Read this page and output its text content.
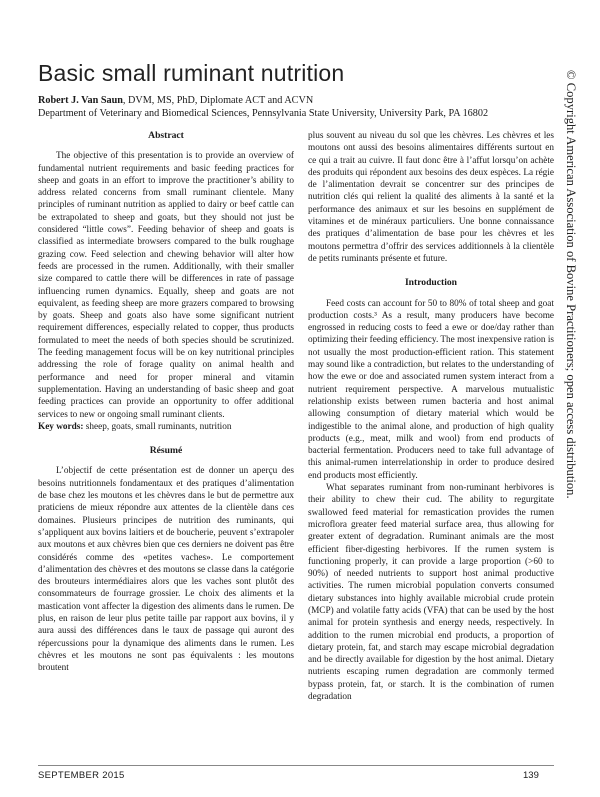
Basic small ruminant nutrition
Robert J. Van Saun, DVM, MS, PhD, Diplomate ACT and ACVN
Department of Veterinary and Biomedical Sciences, Pennsylvania State University, University Park, PA 16802
Abstract

The objective of this presentation is to provide an overview of fundamental nutrient requirements and basic feeding practices for sheep and goats in an effort to improve the practitioner’s ability to address related concerns from small ruminant clientele. Many principles of ruminant nutrition as applied to dairy or beef cattle can be extrapolated to sheep and goats, but they should not just be considered “little cows”. Feeding behavior of sheep and goats is classified as intermediate browsers compared to the bulk roughage grazing cow. Feed selection and chewing behavior will alter how feeds are processed in the rumen. Additionally, with their smaller size compared to cattle there will be differences in rate of passage influencing rumen dynamics. Equally, sheep and goats are not equivalent, as feeding sheep are more grazers compared to browsing by goats. Sheep and goats also have some significant nutrient requirement differences, especially related to copper, thus products formulated to meet the needs of both species should be scrutinized. The feeding management focus will be on key nutritional principles addressing the role of forage quality on animal health and performance and need for proper mineral and vitamin supplementation. Having an understanding of basic sheep and goat feeding practices can provide an opportunity to offer additional services to new or ongoing small ruminant clients.

Key words: sheep, goats, small ruminants, nutrition

Résumé

L’objectif de cette présentation est de donner un aperçu des besoins nutritionnels fondamentaux et des pratiques d’alimentation de base chez les moutons et les chèvres dans le but de permettre aux praticiens de mieux répondre aux attentes de la clientèle dans ces domaines. Plusieurs principes de nutrition des ruminants, qui s’appliquent aux bovins laitiers et de boucherie, peuvent s’extrapoler aux moutons et aux chèvres bien que ces derniers ne doivent pas être considérés comme des «petites vaches». Le comportement d’alimentation des chèvres et des moutons se classe dans la catégorie des brouteurs intermédiaires alors que les vaches sont plutôt des consommateurs de fourrage grossier. Le choix des aliments et la mastication vont affecter la digestion des aliments dans le rumen. De plus, en raison de leur plus petite taille par rapport aux bovins, il y aura aussi des différences dans le taux de passage qui auront des répercussions pour la dynamique des aliments dans le rumen. Les chèvres et les moutons ne sont pas équivalents : les moutons broutent

plus souvent au niveau du sol que les chèvres. Les chèvres et les moutons ont aussi des besoins alimentaires différents surtout en ce qui a trait au cuivre. Il faut donc être à l’affut lorsqu’on achète des produits qui répondent aux besoins des deux espèces. La régie de l’alimentation devrait se concentrer sur des principes de nutrition clés qui relient la qualité des aliments à la santé et la performance des animaux et sur les besoins en supplément de vitamines et de minéraux particuliers. Une bonne connaissance des pratiques d’alimentation de base pour les chèvres et les moutons permettra d’offrir des services additionnels à la clientèle de petits ruminants présente et future.

Introduction

Feed costs can account for 50 to 80% of total sheep and goat production costs.³ As a result, many producers have become engrossed in reducing costs to feed a ewe or doe/day rather than optimizing their feeding efficiency. The most inexpensive ration is not usually the most production-efficient ration. This statement may sound like a contradiction, but relates to the understanding of how the ewe or doe and associated rumen system interact from a nutrient requirement perspective. A marvelous mutualistic relationship exists between rumen bacteria and host animal allowing consumption of dietary material which would be indigestible to the animal alone, and production of high quality products (e.g., meat, milk and wool) from end products of bacterial fermentation. Producers need to take full advantage of this animal-rumen interrelationship in order to produce desired end products most efficiently.

What separates ruminant from non-ruminant herbivores is their ability to chew their cud. The ability to regurgitate swallowed feed material for remastication provides the rumen microflora greater feed material surface area, thus allowing for greater extent of degradation. Ruminant animals are the most efficient fiber-digesting herbivores. If the rumen system is functioning properly, it can provide a large proportion (>60 to 90%) of needed nutrients to support host animal productive activities. The rumen microbial population converts consumed dietary substances into highly available microbial crude protein (MCP) and volatile fatty acids (VFA) that can be used by the host animal for protein synthesis and energy needs, respectively. In addition to the rumen microbial end products, a proportion of dietary protein, fat, and starch may escape microbial degradation and be directly available for digestion by the host animal. Dietary nutrients escaping rumen degradation are commonly termed bypass protein, fat, or starch. It is the combination of rumen degradation

© Copyright American Association of Bovine Practitioners; open access distribution.
SEPTEMBER 2015	139
